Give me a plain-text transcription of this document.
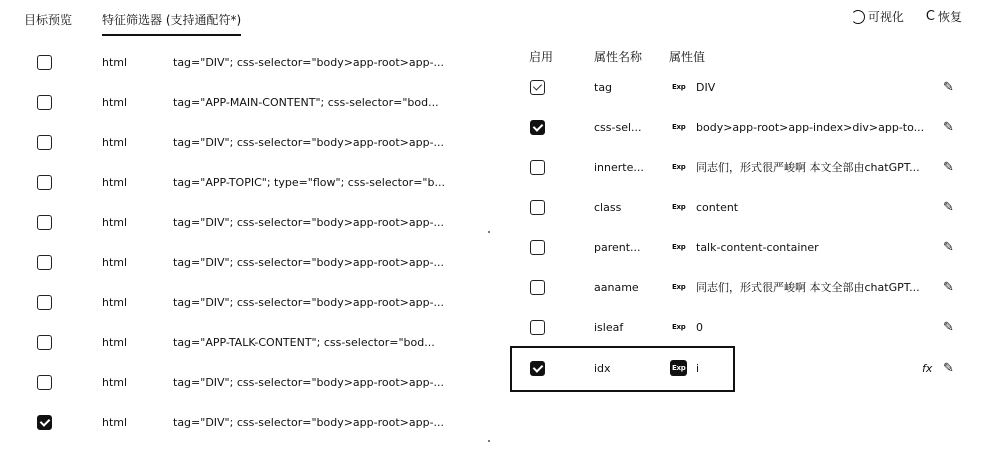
目标预览	特征筛选器 (支持通配符*)	可视化 C 恢复
html	tag="DIV"; css-selector="body>app-root>app-...
html	tag="APP-MAIN-CONTENT"; css-selector="bod...
html	tag="DIV"; css-selector="body>app-root>app-...
html	tag="APP-TOPIC"; type="flow"; css-selector="b...
html	tag="DIV"; css-selector="body>app-root>app-...
html	tag="DIV"; css-selector="body>app-root>app-...
html	tag="DIV"; css-selector="body>app-root>app-...
html	tag="APP-TALK-CONTENT"; css-selector="bod...
html	tag="DIV"; css-selector="body>app-root>app-...
html	tag="DIV"; css-selector="body>app-root>app-...
启用	属性名称 属性值
tag	Exp DIV	✎
css-sel...	Exp body>app-root>app-index>div>app-to...	✎
innerte...	Exp 同志们，形式很严峻啊 本文全部由chatGPT...	✎
class	Exp content	✎
parent...	Exp talk-content-container	✎
aaname	Exp 同志们，形式很严峻啊 本文全部由chatGPT...	✎
isleaf	Exp 0	✎
idx	Exp i	fx ✎
